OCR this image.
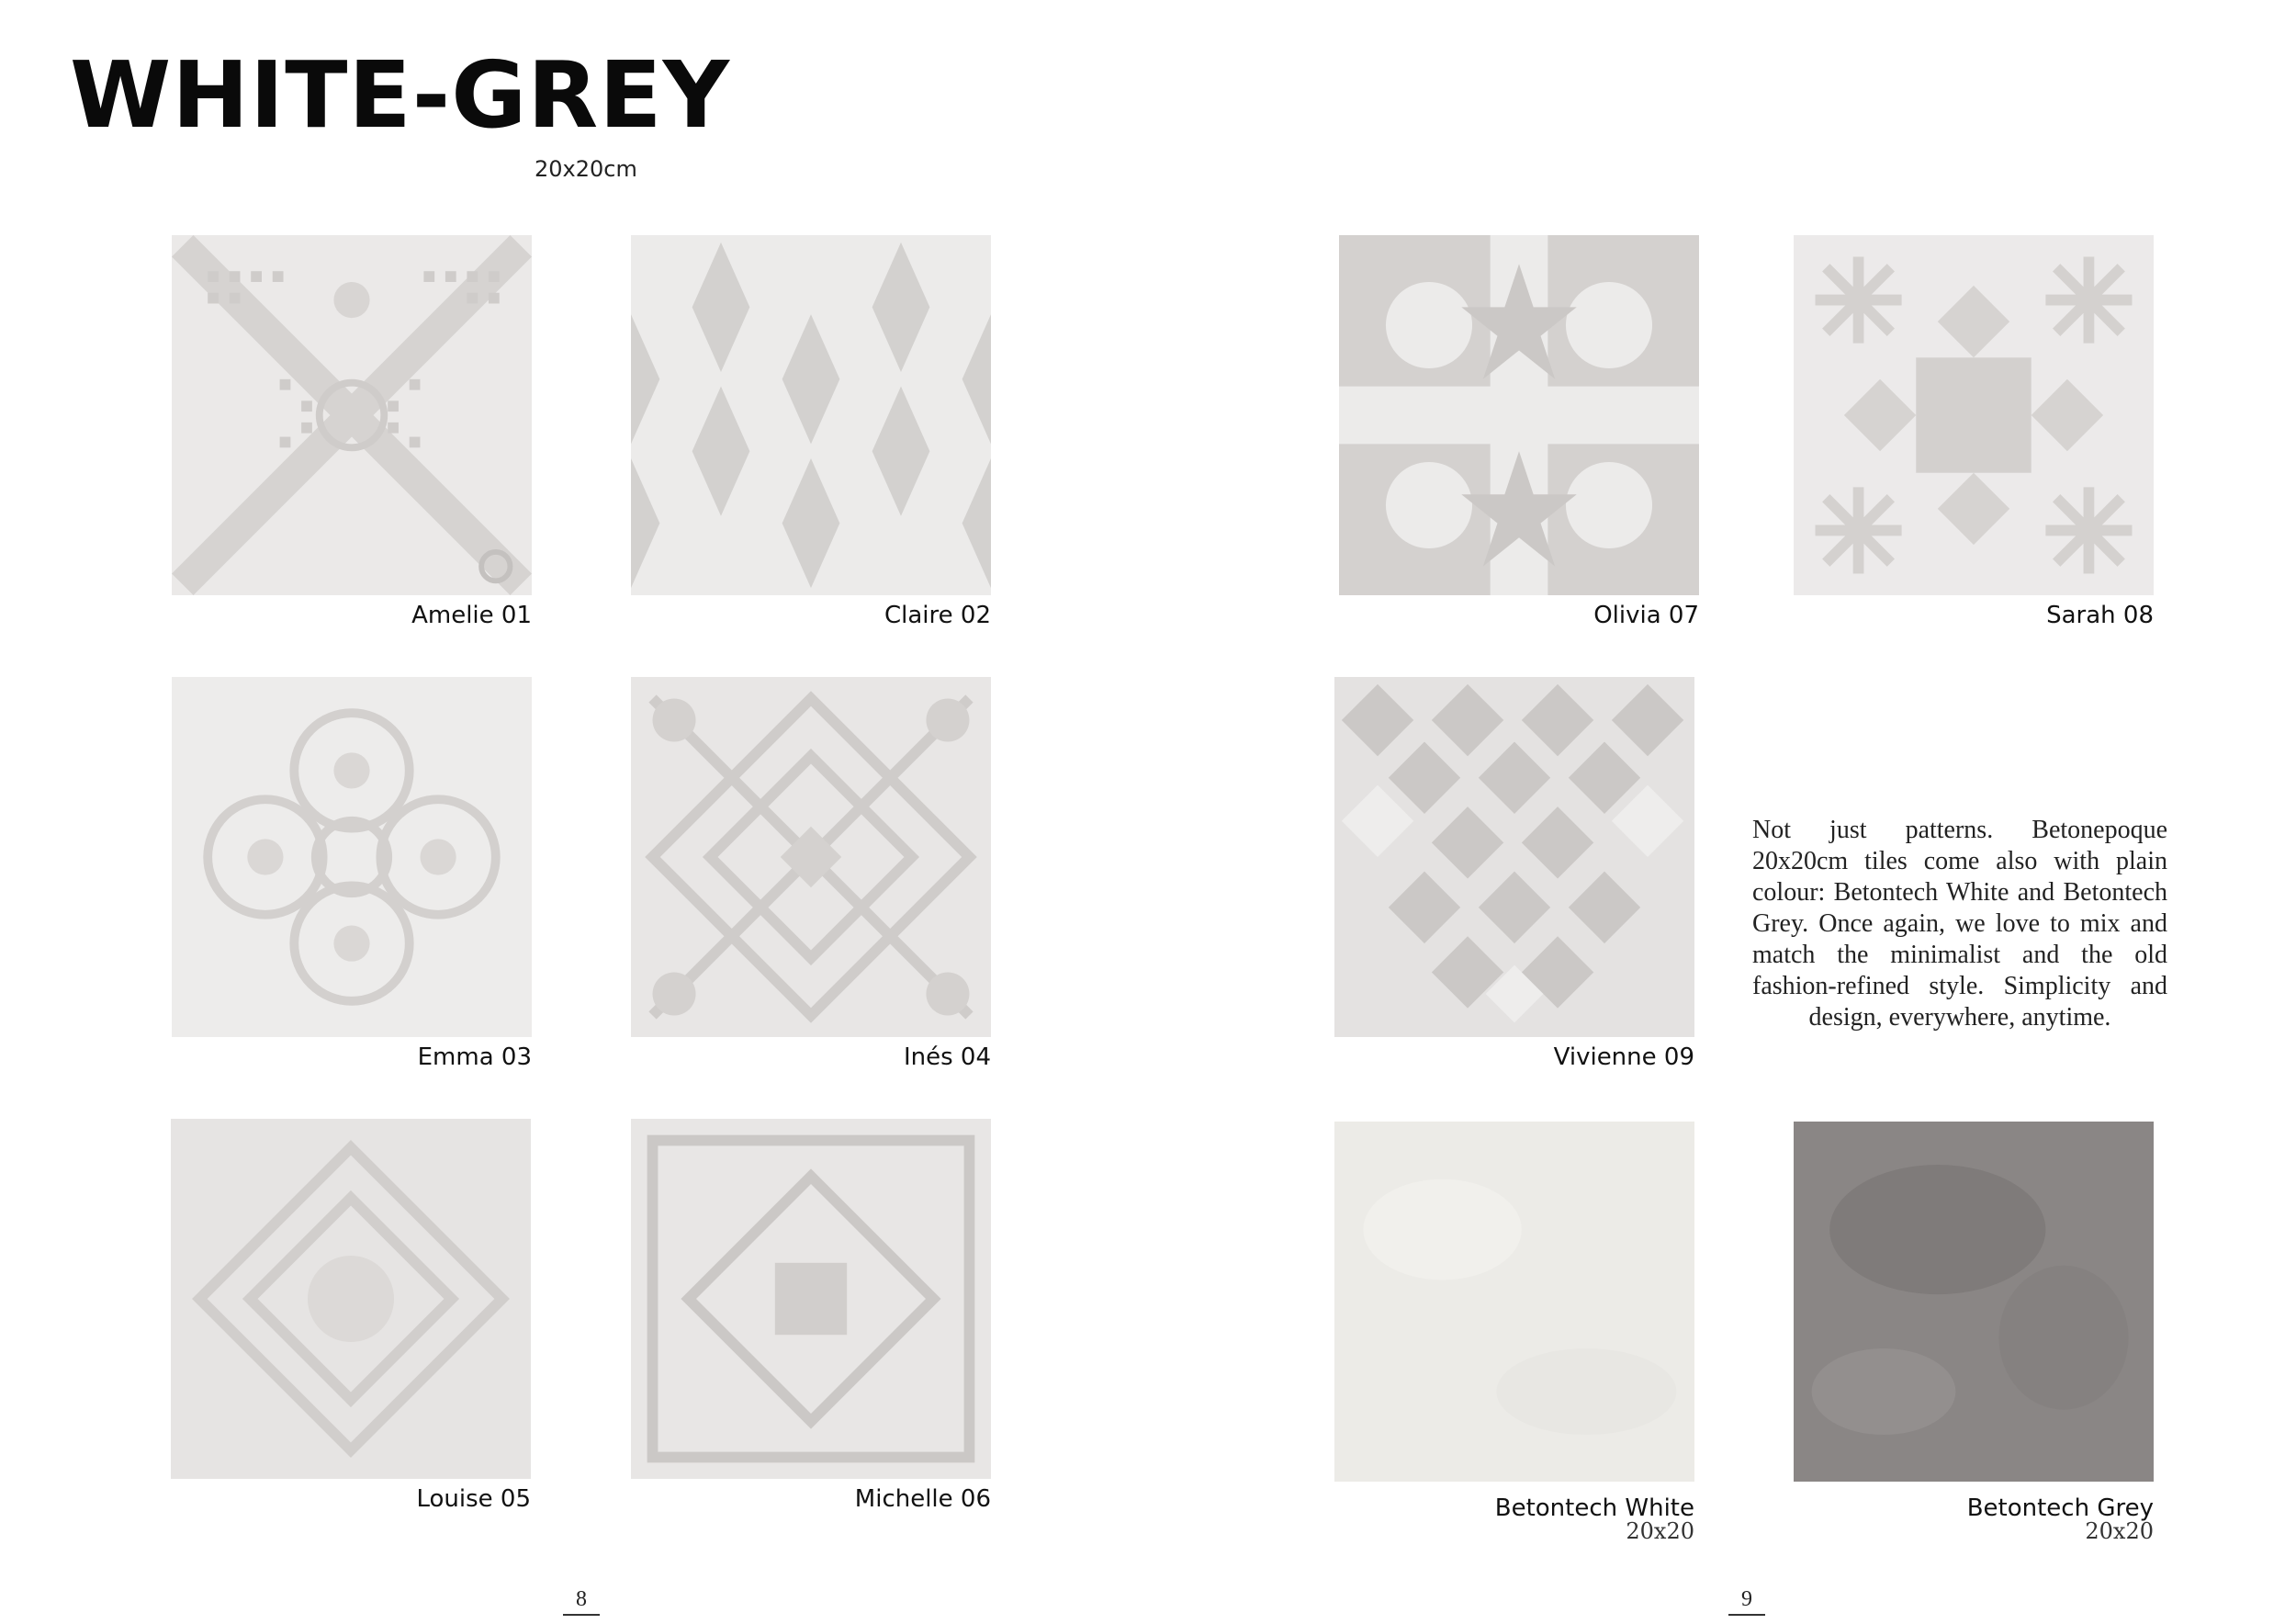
WHITE-GREY
20x20cm
Amelie 01	Claire 02	Olivia 07	Sarah 08
Emma 03	Inés 04	Vivienne 09
Not just patterns. Betonepoque 20x20cm tiles come also with plain colour: Betontech White and Betontech Grey. Once again, we love to mix and match the minimalist and the old fashion-refined style. Simplicity and design, everywhere, anytime.
Louise 05	Michelle 06	Betontech White
20x20
Betontech Grey
20x20
8	9
